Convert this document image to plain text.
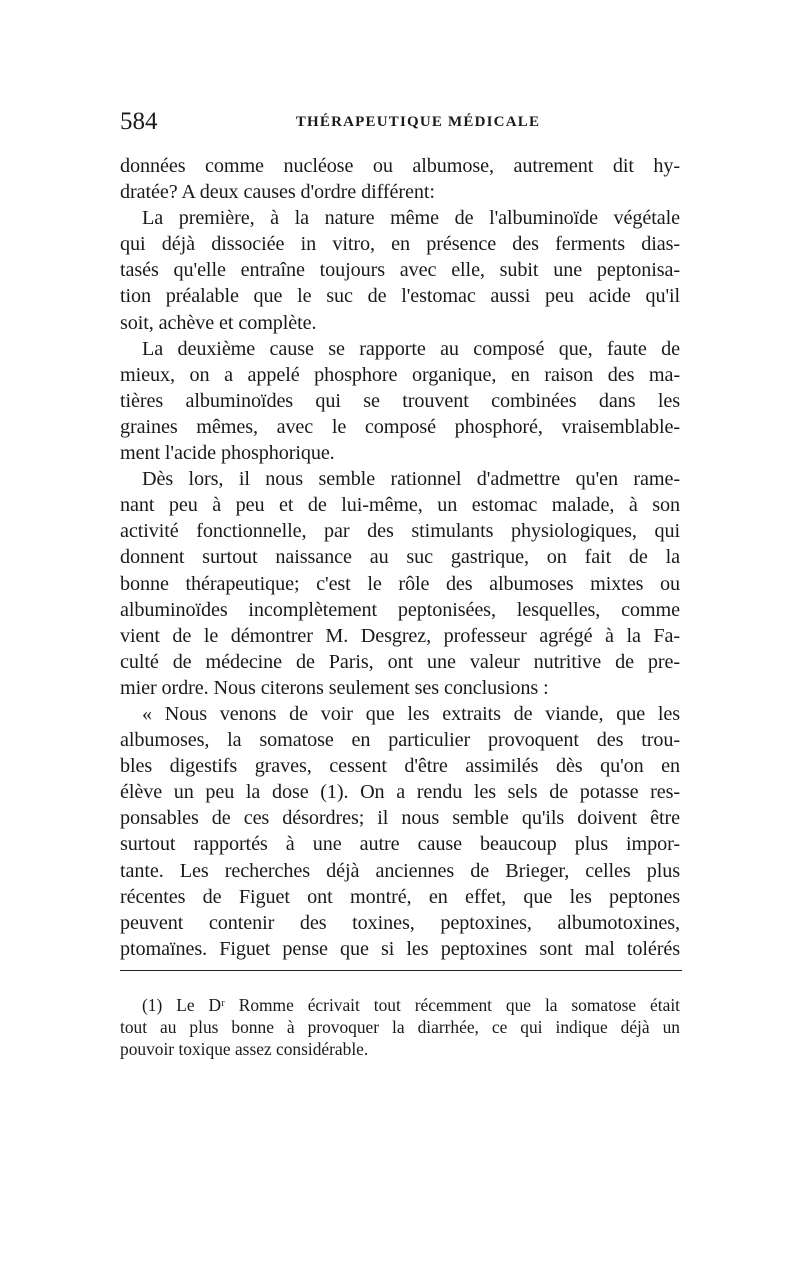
584	THÉRAPEUTIQUE MÉDICALE
données comme nucléose ou albumose, autrement dit hy-
dratée? A deux causes d'ordre différent:
La première, à la nature même de l'albuminoïde végétale
qui déjà dissociée in vitro, en présence des ferments dias-
tasés qu'elle entraîne toujours avec elle, subit une peptonisa-
tion préalable que le suc de l'estomac aussi peu acide qu'il
soit, achève et complète.
La deuxième cause se rapporte au composé que, faute de
mieux, on a appelé phosphore organique, en raison des ma-
tières albuminoïdes qui se trouvent combinées dans les
graines mêmes, avec le composé phosphoré, vraisemblable-
ment l'acide phosphorique.
Dès lors, il nous semble rationnel d'admettre qu'en rame-
nant peu à peu et de lui-même, un estomac malade, à son
activité fonctionnelle, par des stimulants physiologiques, qui
donnent surtout naissance au suc gastrique, on fait de la
bonne thérapeutique; c'est le rôle des albumoses mixtes ou
albuminoïdes incomplètement peptonisées, lesquelles, comme
vient de le démontrer M. Desgrez, professeur agrégé à la Fa-
culté de médecine de Paris, ont une valeur nutritive de pre-
mier ordre. Nous citerons seulement ses conclusions :
« Nous venons de voir que les extraits de viande, que les
albumoses, la somatose en particulier provoquent des trou-
bles digestifs graves, cessent d'être assimilés dès qu'on en
élève un peu la dose (1). On a rendu les sels de potasse res-
ponsables de ces désordres; il nous semble qu'ils doivent être
surtout rapportés à une autre cause beaucoup plus impor-
tante. Les recherches déjà anciennes de Brieger, celles plus
récentes de Figuet ont montré, en effet, que les peptones
peuvent contenir des toxines, peptoxines, albumotoxines,
ptomaïnes. Figuet pense que si les peptoxines sont mal tolérés
(1) Le Dʳ Romme écrivait tout récemment que la somatose était
tout au plus bonne à provoquer la diarrhée, ce qui indique déjà un
pouvoir toxique assez considérable.
